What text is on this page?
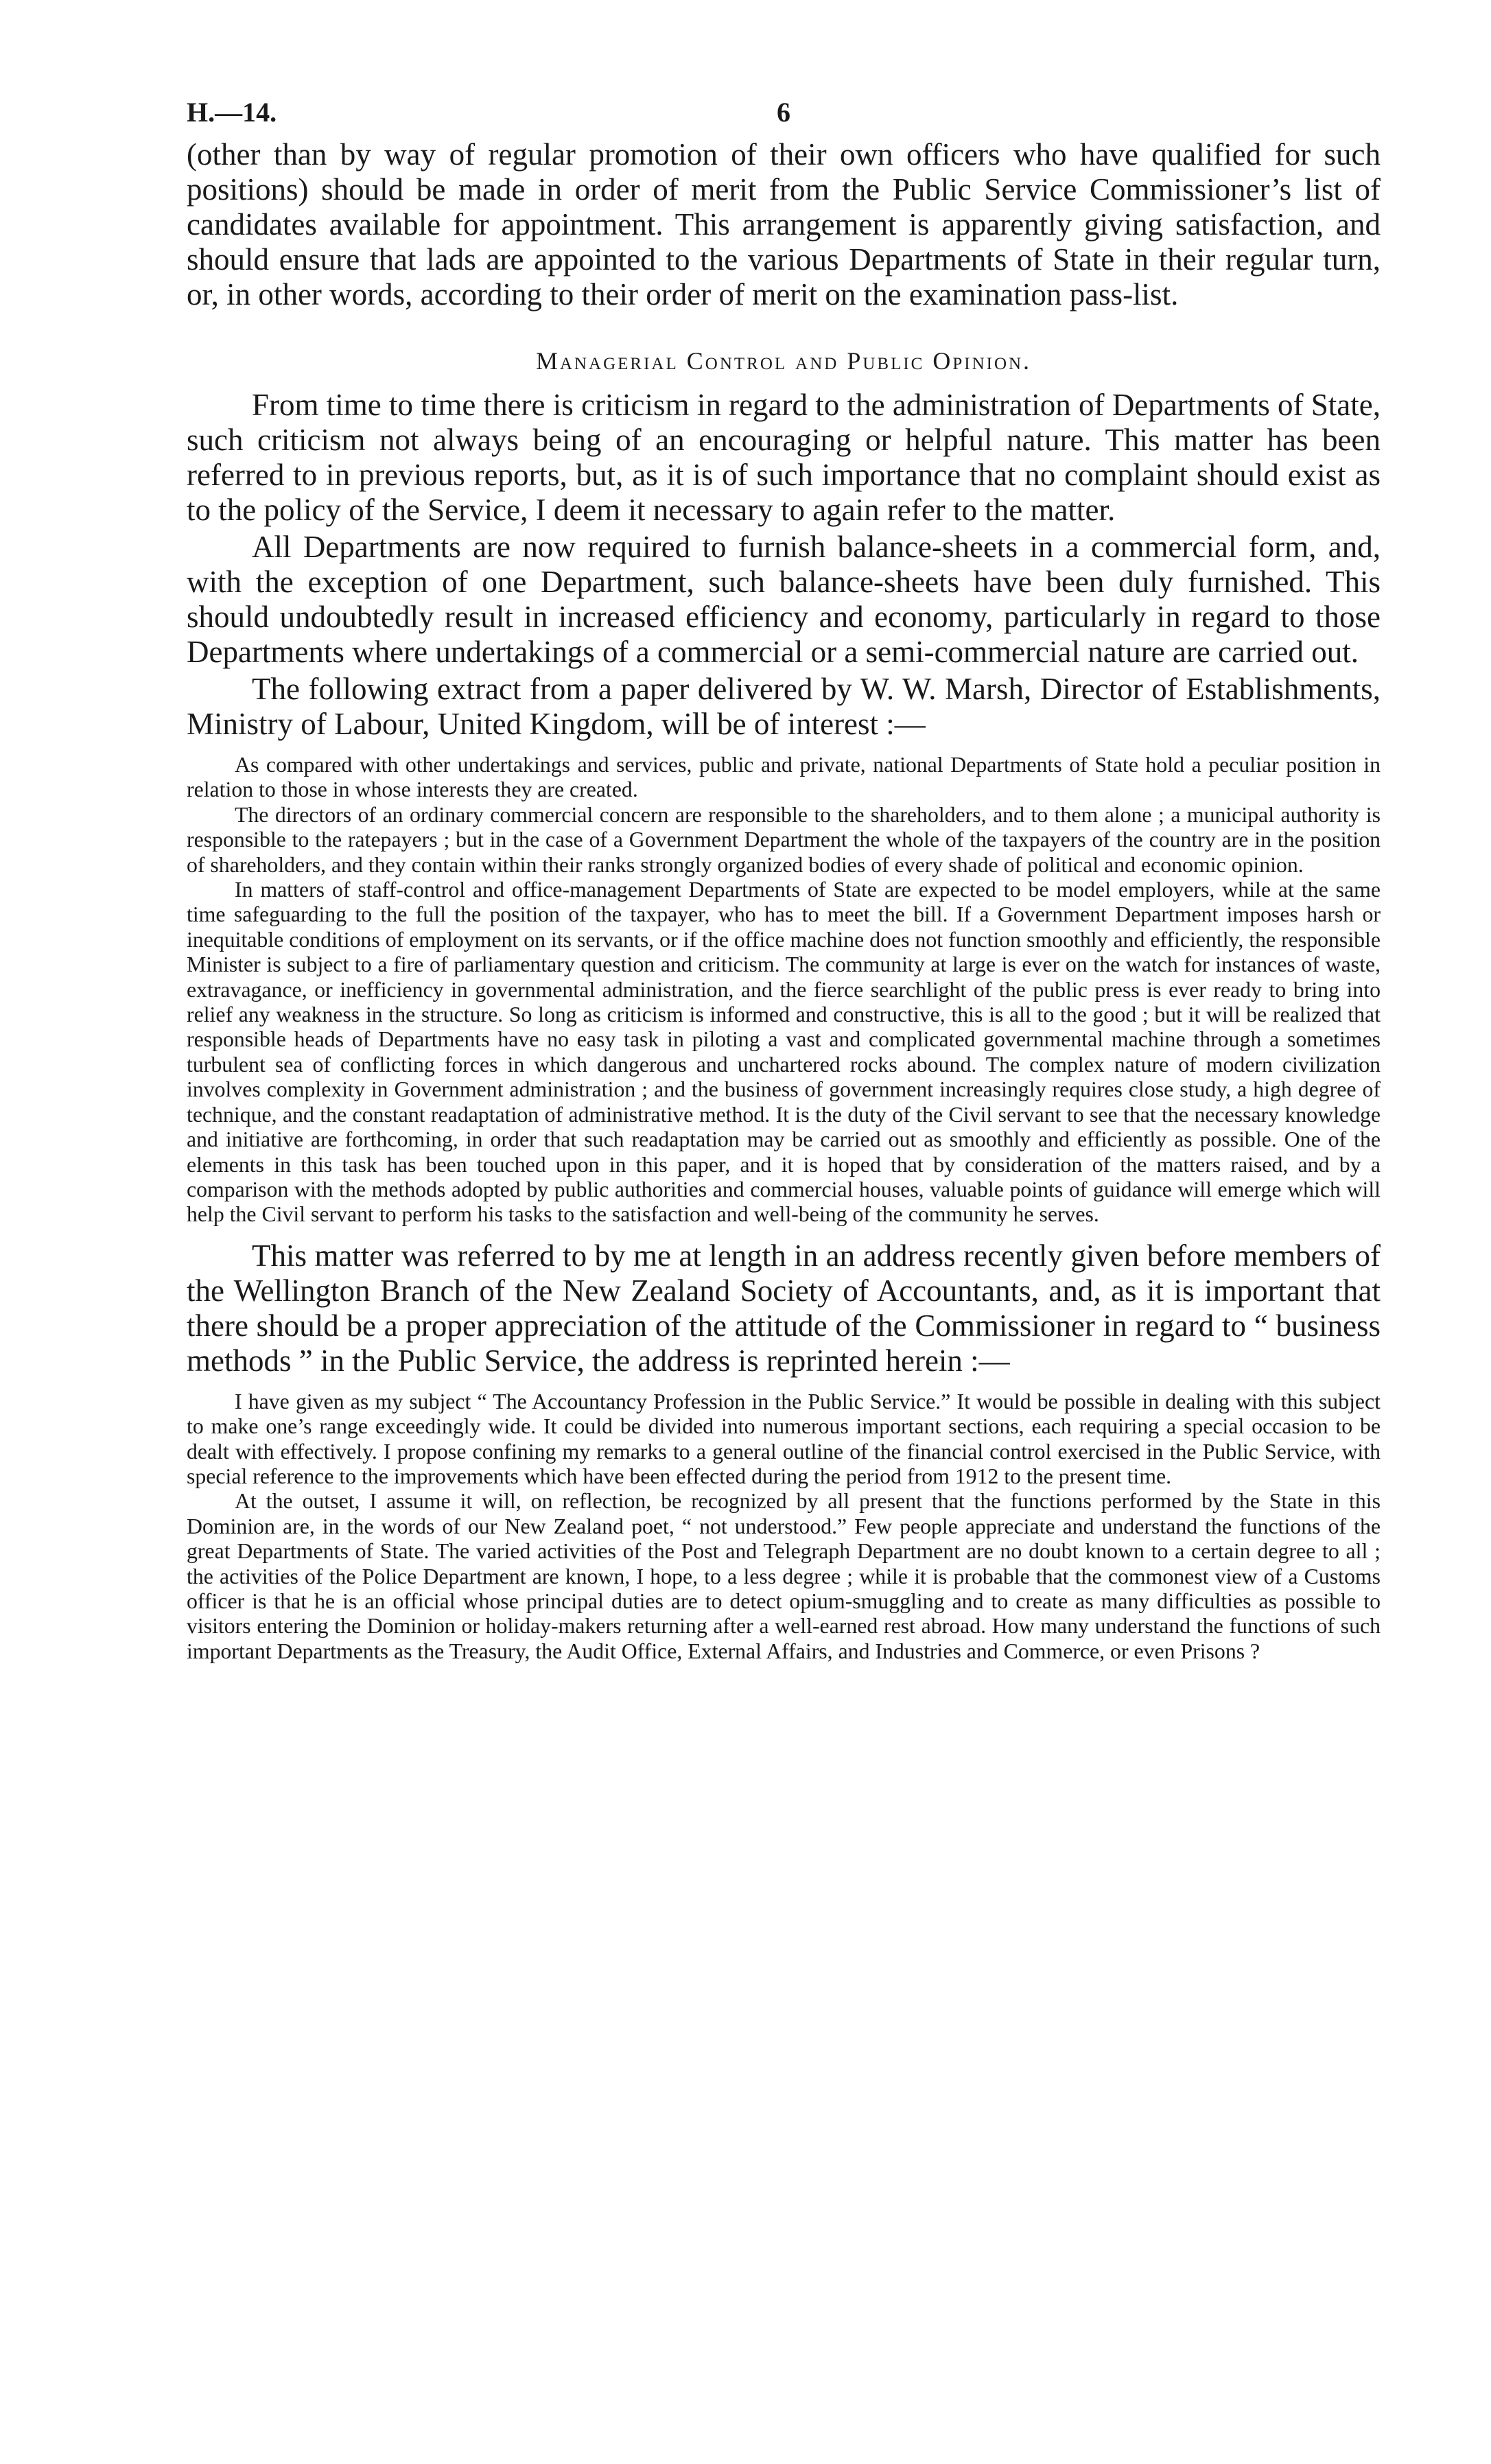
H.—14.	6

(other than by way of regular promotion of their own officers who have qualified for such positions) should be made in order of merit from the Public Service Commissioner’s list of candidates available for appointment. This arrangement is apparently giving satisfaction, and should ensure that lads are appointed to the various Departments of State in their regular turn, or, in other words, according to their order of merit on the examination pass-list.

Managerial Control and Public Opinion.

From time to time there is criticism in regard to the administration of Departments of State, such criticism not always being of an encouraging or helpful nature. This matter has been referred to in previous reports, but, as it is of such importance that no complaint should exist as to the policy of the Service, I deem it necessary to again refer to the matter.

All Departments are now required to furnish balance-sheets in a commercial form, and, with the exception of one Department, such balance-sheets have been duly furnished. This should undoubtedly result in increased efficiency and economy, particularly in regard to those Departments where undertakings of a commercial or a semi-commercial nature are carried out.

The following extract from a paper delivered by W. W. Marsh, Director of Establishments, Ministry of Labour, United Kingdom, will be of interest :—

As compared with other undertakings and services, public and private, national Departments of State hold a peculiar position in relation to those in whose interests they are created.

The directors of an ordinary commercial concern are responsible to the shareholders, and to them alone ; a municipal authority is responsible to the ratepayers ; but in the case of a Government Department the whole of the taxpayers of the country are in the position of shareholders, and they contain within their ranks strongly organized bodies of every shade of political and economic opinion.

In matters of staff-control and office-management Departments of State are expected to be model employers, while at the same time safeguarding to the full the position of the taxpayer, who has to meet the bill. If a Government Department imposes harsh or inequitable conditions of employment on its servants, or if the office machine does not function smoothly and efficiently, the responsible Minister is subject to a fire of parliamentary question and criticism. The community at large is ever on the watch for instances of waste, extravagance, or inefficiency in governmental administration, and the fierce searchlight of the public press is ever ready to bring into relief any weakness in the structure. So long as criticism is informed and constructive, this is all to the good ; but it will be realized that responsible heads of Departments have no easy task in piloting a vast and complicated governmental machine through a sometimes turbulent sea of conflicting forces in which dangerous and unchartered rocks abound. The complex nature of modern civilization involves complexity in Government administration ; and the business of government increasingly requires close study, a high degree of technique, and the constant readaptation of administrative method. It is the duty of the Civil servant to see that the necessary knowledge and initiative are forthcoming, in order that such readaptation may be carried out as smoothly and efficiently as possible. One of the elements in this task has been touched upon in this paper, and it is hoped that by consideration of the matters raised, and by a comparison with the methods adopted by public authorities and commercial houses, valuable points of guidance will emerge which will help the Civil servant to perform his tasks to the satisfaction and well-being of the community he serves.

This matter was referred to by me at length in an address recently given before members of the Wellington Branch of the New Zealand Society of Accountants, and, as it is important that there should be a proper appreciation of the attitude of the Commissioner in regard to “ business methods ” in the Public Service, the address is reprinted herein :—

I have given as my subject “ The Accountancy Profession in the Public Service.” It would be possible in dealing with this subject to make one’s range exceedingly wide. It could be divided into numerous important sections, each requiring a special occasion to be dealt with effectively. I propose confining my remarks to a general outline of the financial control exercised in the Public Service, with special reference to the improvements which have been effected during the period from 1912 to the present time.

At the outset, I assume it will, on reflection, be recognized by all present that the functions performed by the State in this Dominion are, in the words of our New Zealand poet, “ not understood.” Few people appreciate and understand the functions of the great Departments of State. The varied activities of the Post and Telegraph Department are no doubt known to a certain degree to all ; the activities of the Police Department are known, I hope, to a less degree ; while it is probable that the commonest view of a Customs officer is that he is an official whose principal duties are to detect opium-smuggling and to create as many difficulties as possible to visitors entering the Dominion or holiday-makers returning after a well-earned rest abroad. How many understand the functions of such important Departments as the Treasury, the Audit Office, External Affairs, and Industries and Commerce, or even Prisons ?
